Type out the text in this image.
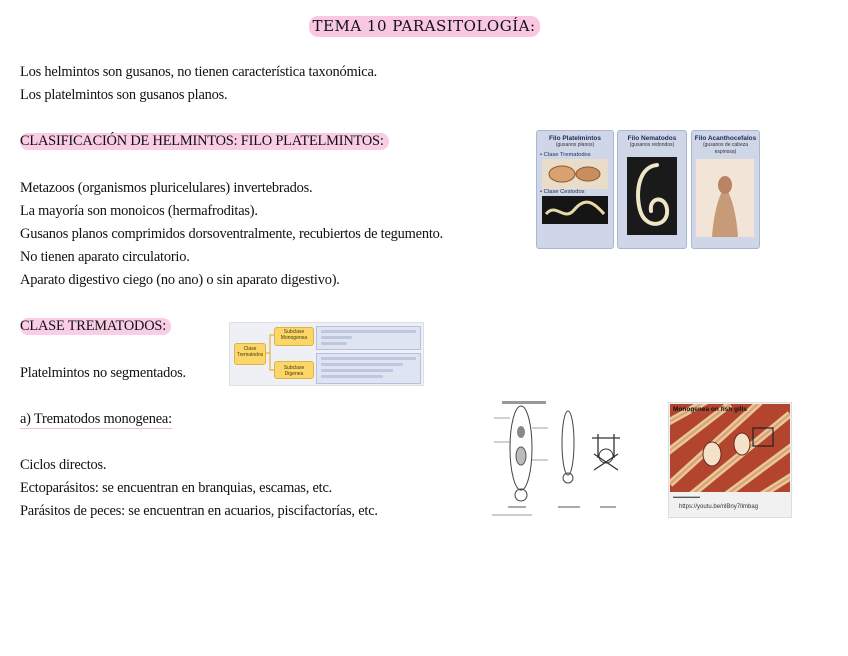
TEMA 10 PARASITOLOGÍA:
Los helmintos son gusanos, no tienen característica taxonómica.
Los platelmintos son gusanos planos.
CLASIFICACIÓN DE HELMINTOS: FILO PLATELMINTOS:
Metazoos (organismos pluricelulares) invertebrados.
La mayoría son monoicos (hermafroditas).
Gusanos planos comprimidos dorsoventralmente, recubiertos de tegumento.
No tienen aparato circulatorio.
Aparato digestivo ciego (no ano) o sin aparato digestivo).
CLASE TREMATODOS:
Platelmintos no segmentados.
a) Trematodos monogenea:
Ciclos directos.
Ectoparásitos: se encuentran en branquias, escamas, etc.
Parásitos de peces: se encuentran en acuarios, piscifactorías, etc.
Filo Platelmintos
(gusanos planos)
• Clase Trematodos
• Clase Cestodos
Filo Nematodos
(gusanos redondos)
Filo Acanthocefalos
(gusanos de cabeza espinosa)
Clase Trematodos
Subclase Monogenea
Subclase Digenea
Monogenea on fish gills
▬▬▬▬▬▬
https://youtu.be/nlBny7Ilmbag
